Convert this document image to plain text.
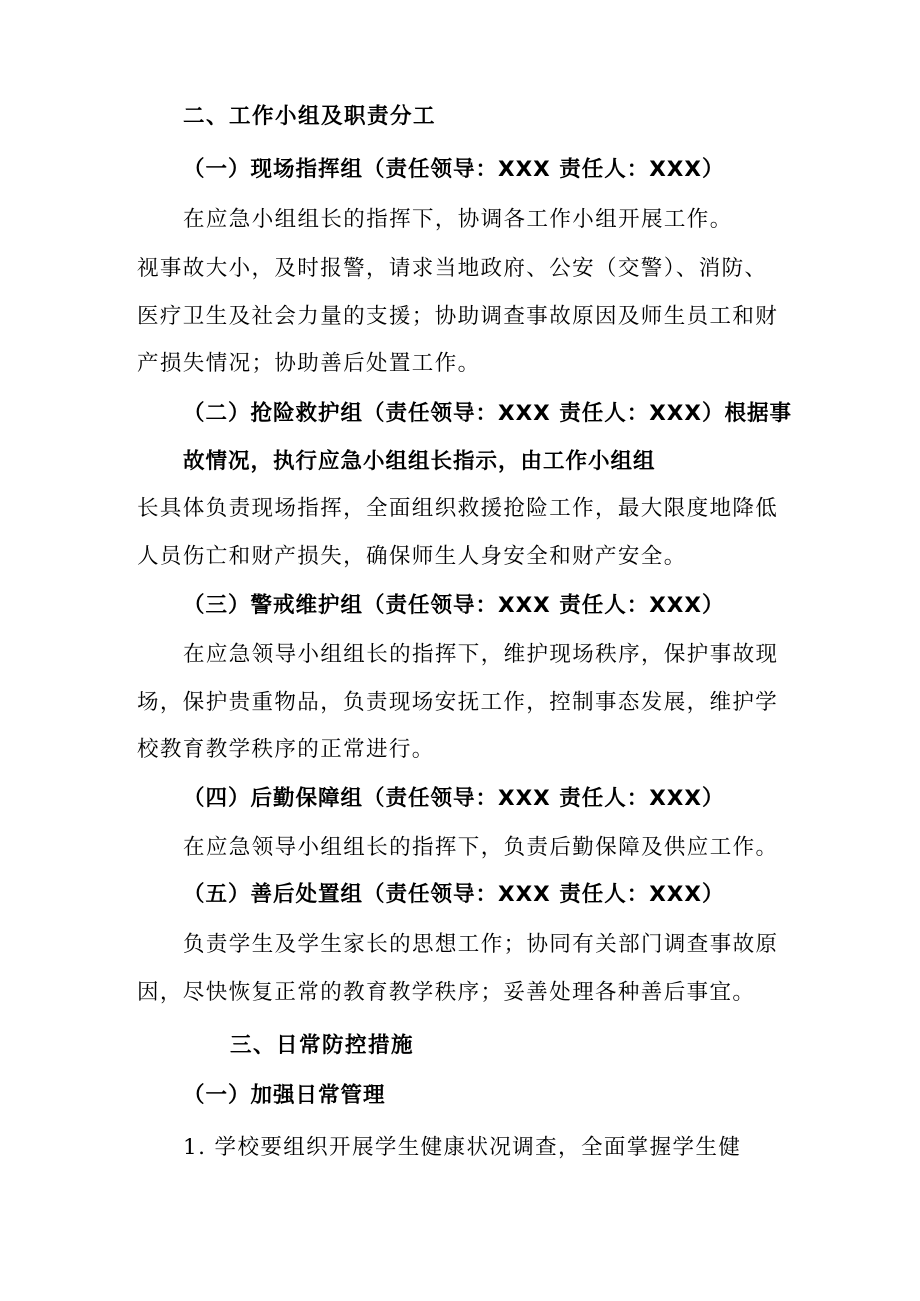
二、工作小组及职责分工
（一）现场指挥组（责任领导：XXX 责任人：XXX）
在应急小组组长的指挥下，协调各工作小组开展工作。
视事故大小，及时报警，请求当地政府、公安（交警）、消防、
医疗卫生及社会力量的支援；协助调查事故原因及师生员工和财
产损失情况；协助善后处置工作。
（二）抢险救护组（责任领导：XXX 责任人：XXX）根据事
故情况，执行应急小组组长指示，由工作小组组
长具体负责现场指挥，全面组织救援抢险工作，最大限度地降低
人员伤亡和财产损失，确保师生人身安全和财产安全。
（三）警戒维护组（责任领导：XXX 责任人：XXX）
在应急领导小组组长的指挥下，维护现场秩序，保护事故现
场，保护贵重物品，负责现场安抚工作，控制事态发展，维护学
校教育教学秩序的正常进行。
（四）后勤保障组（责任领导：XXX 责任人：XXX）
在应急领导小组组长的指挥下，负责后勤保障及供应工作。
（五）善后处置组（责任领导：XXX 责任人：XXX）
负责学生及学生家长的思想工作；协同有关部门调查事故原
因，尽快恢复正常的教育教学秩序；妥善处理各种善后事宜。
三、日常防控措施
（一）加强日常管理
1. 学校要组织开展学生健康状况调查，全面掌握学生健
